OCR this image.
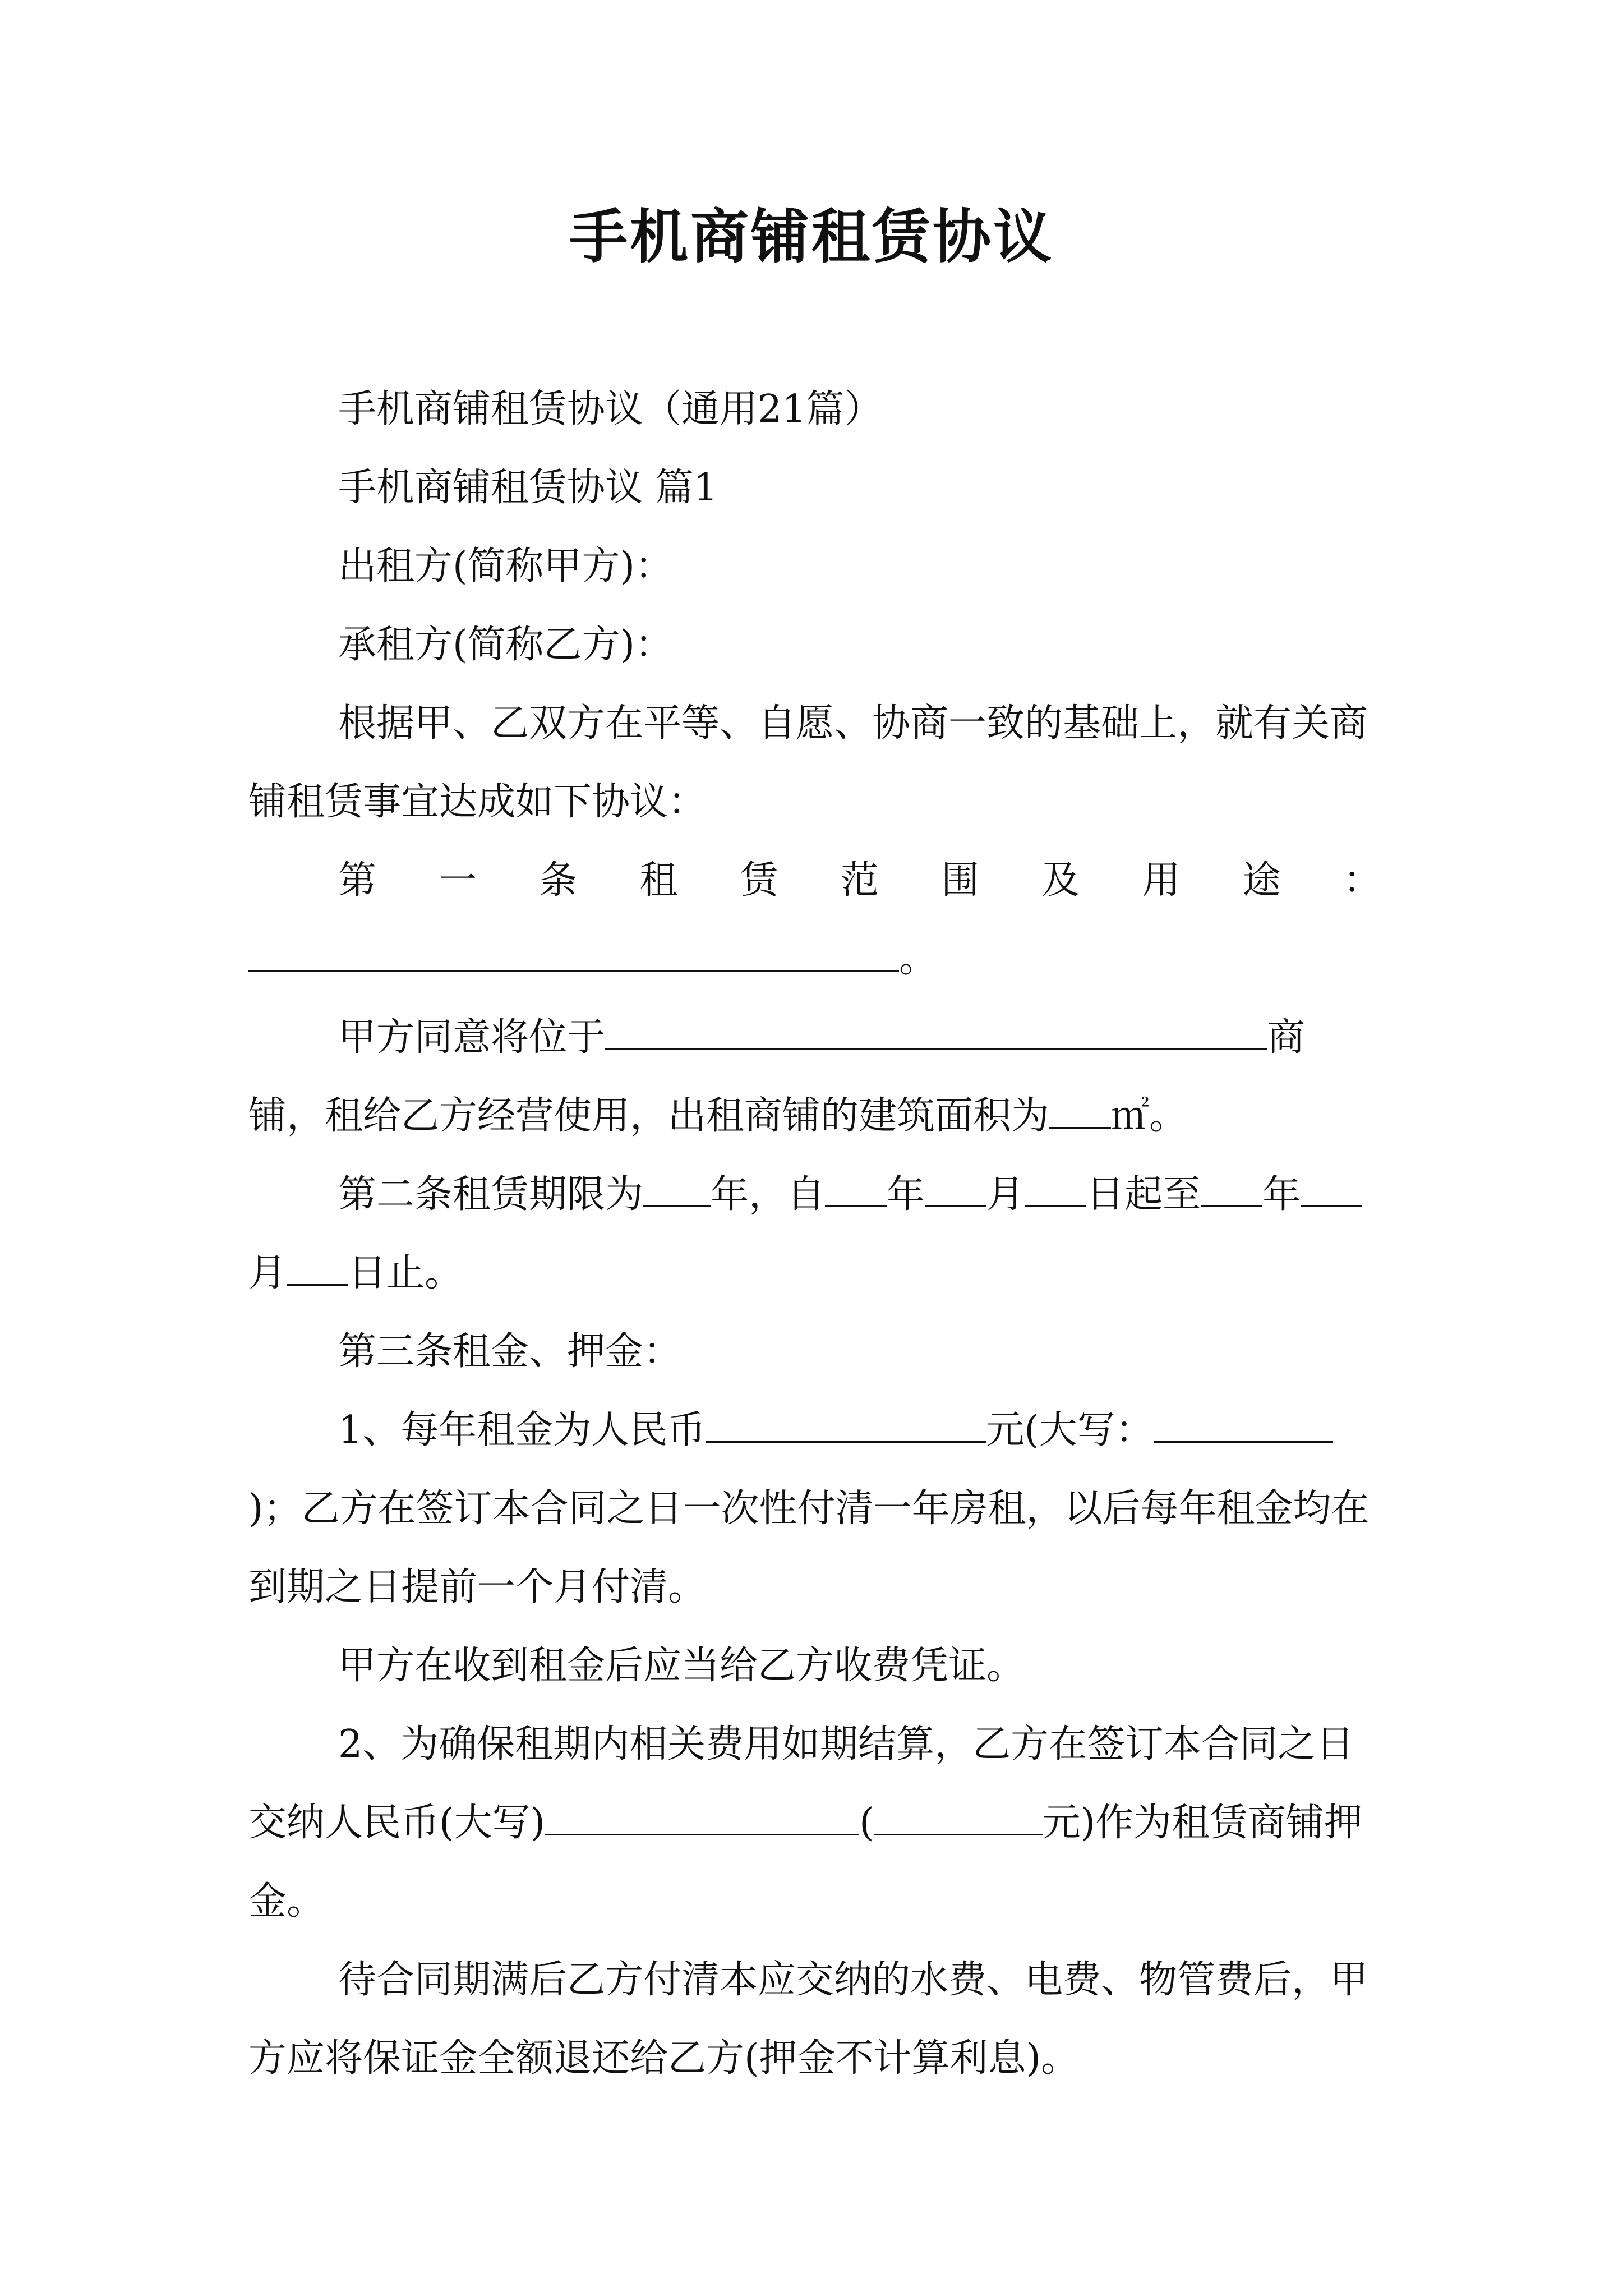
手机商铺租赁协议

手机商铺租赁协议（通用21篇）

手机商铺租赁协议 篇1

出租方(简称甲方)：

承租方(简称乙方)：

根据甲、乙双方在平等、自愿、协商一致的基础上，就有关商铺租赁事宜达成如下协议：

第一条租赁范围及用途：

。

甲方同意将位于	商铺，租给乙方经营使用，出租商铺的建筑面积为 ㎡。

第二条租赁期限为 年，自 年 月 日起至 年月 日止。

第三条租金、押金：

1、每年租金为人民币	元(大写：)；乙方在签订本合同之日一次性付清一年房租，以后每年租金均在到期之日提前一个月付清。

甲方在收到租金后应当给乙方收费凭证。

2、为确保租期内相关费用如期结算，乙方在签订本合同之日交纳人民币(大写)	(	元)作为租赁商铺押金。

待合同期满后乙方付清本应交纳的水费、电费、物管费后，甲方应将保证金全额退还给乙方(押金不计算利息)。
